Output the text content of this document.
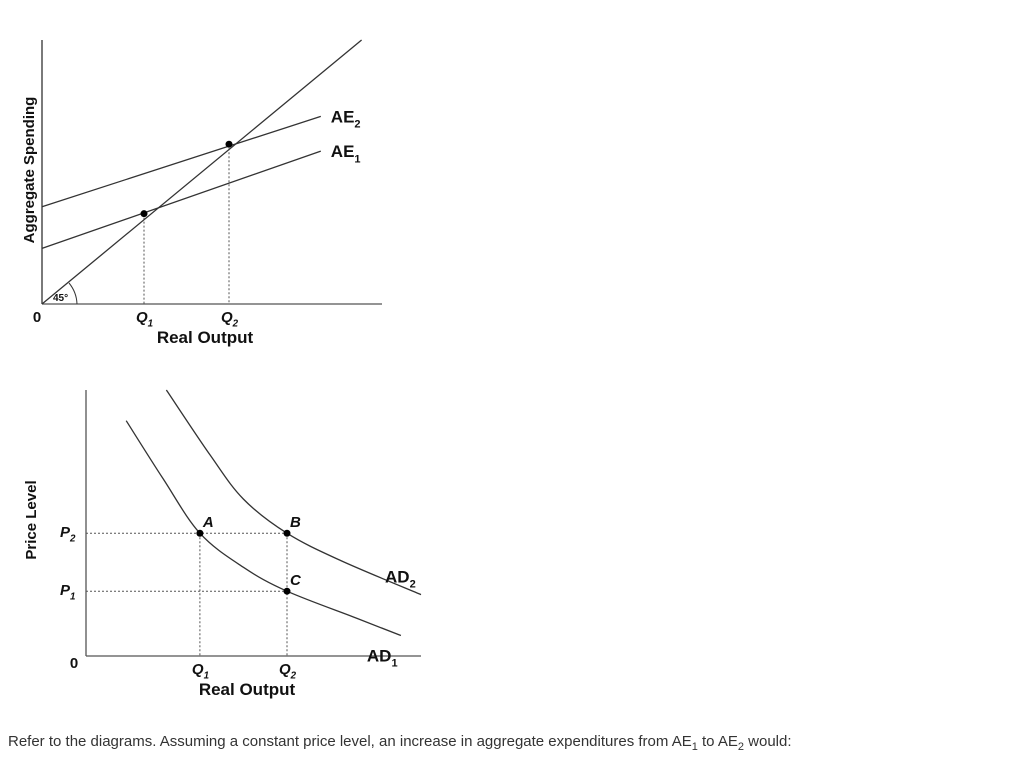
Aggregate Spending
Real Output
0
45°
$AE_1$
$AE_2$
$Q_1$	$Q_2$
Price Level
Real Output
0	$AD_1$
$AD_2$
A	B
C
$Q_1$	$Q_2$
$P_2$
$P_1$
Refer to the diagrams. Assuming a constant price level, an increase in aggregate expenditures from $AE_1$ to $AE_2$ would:
